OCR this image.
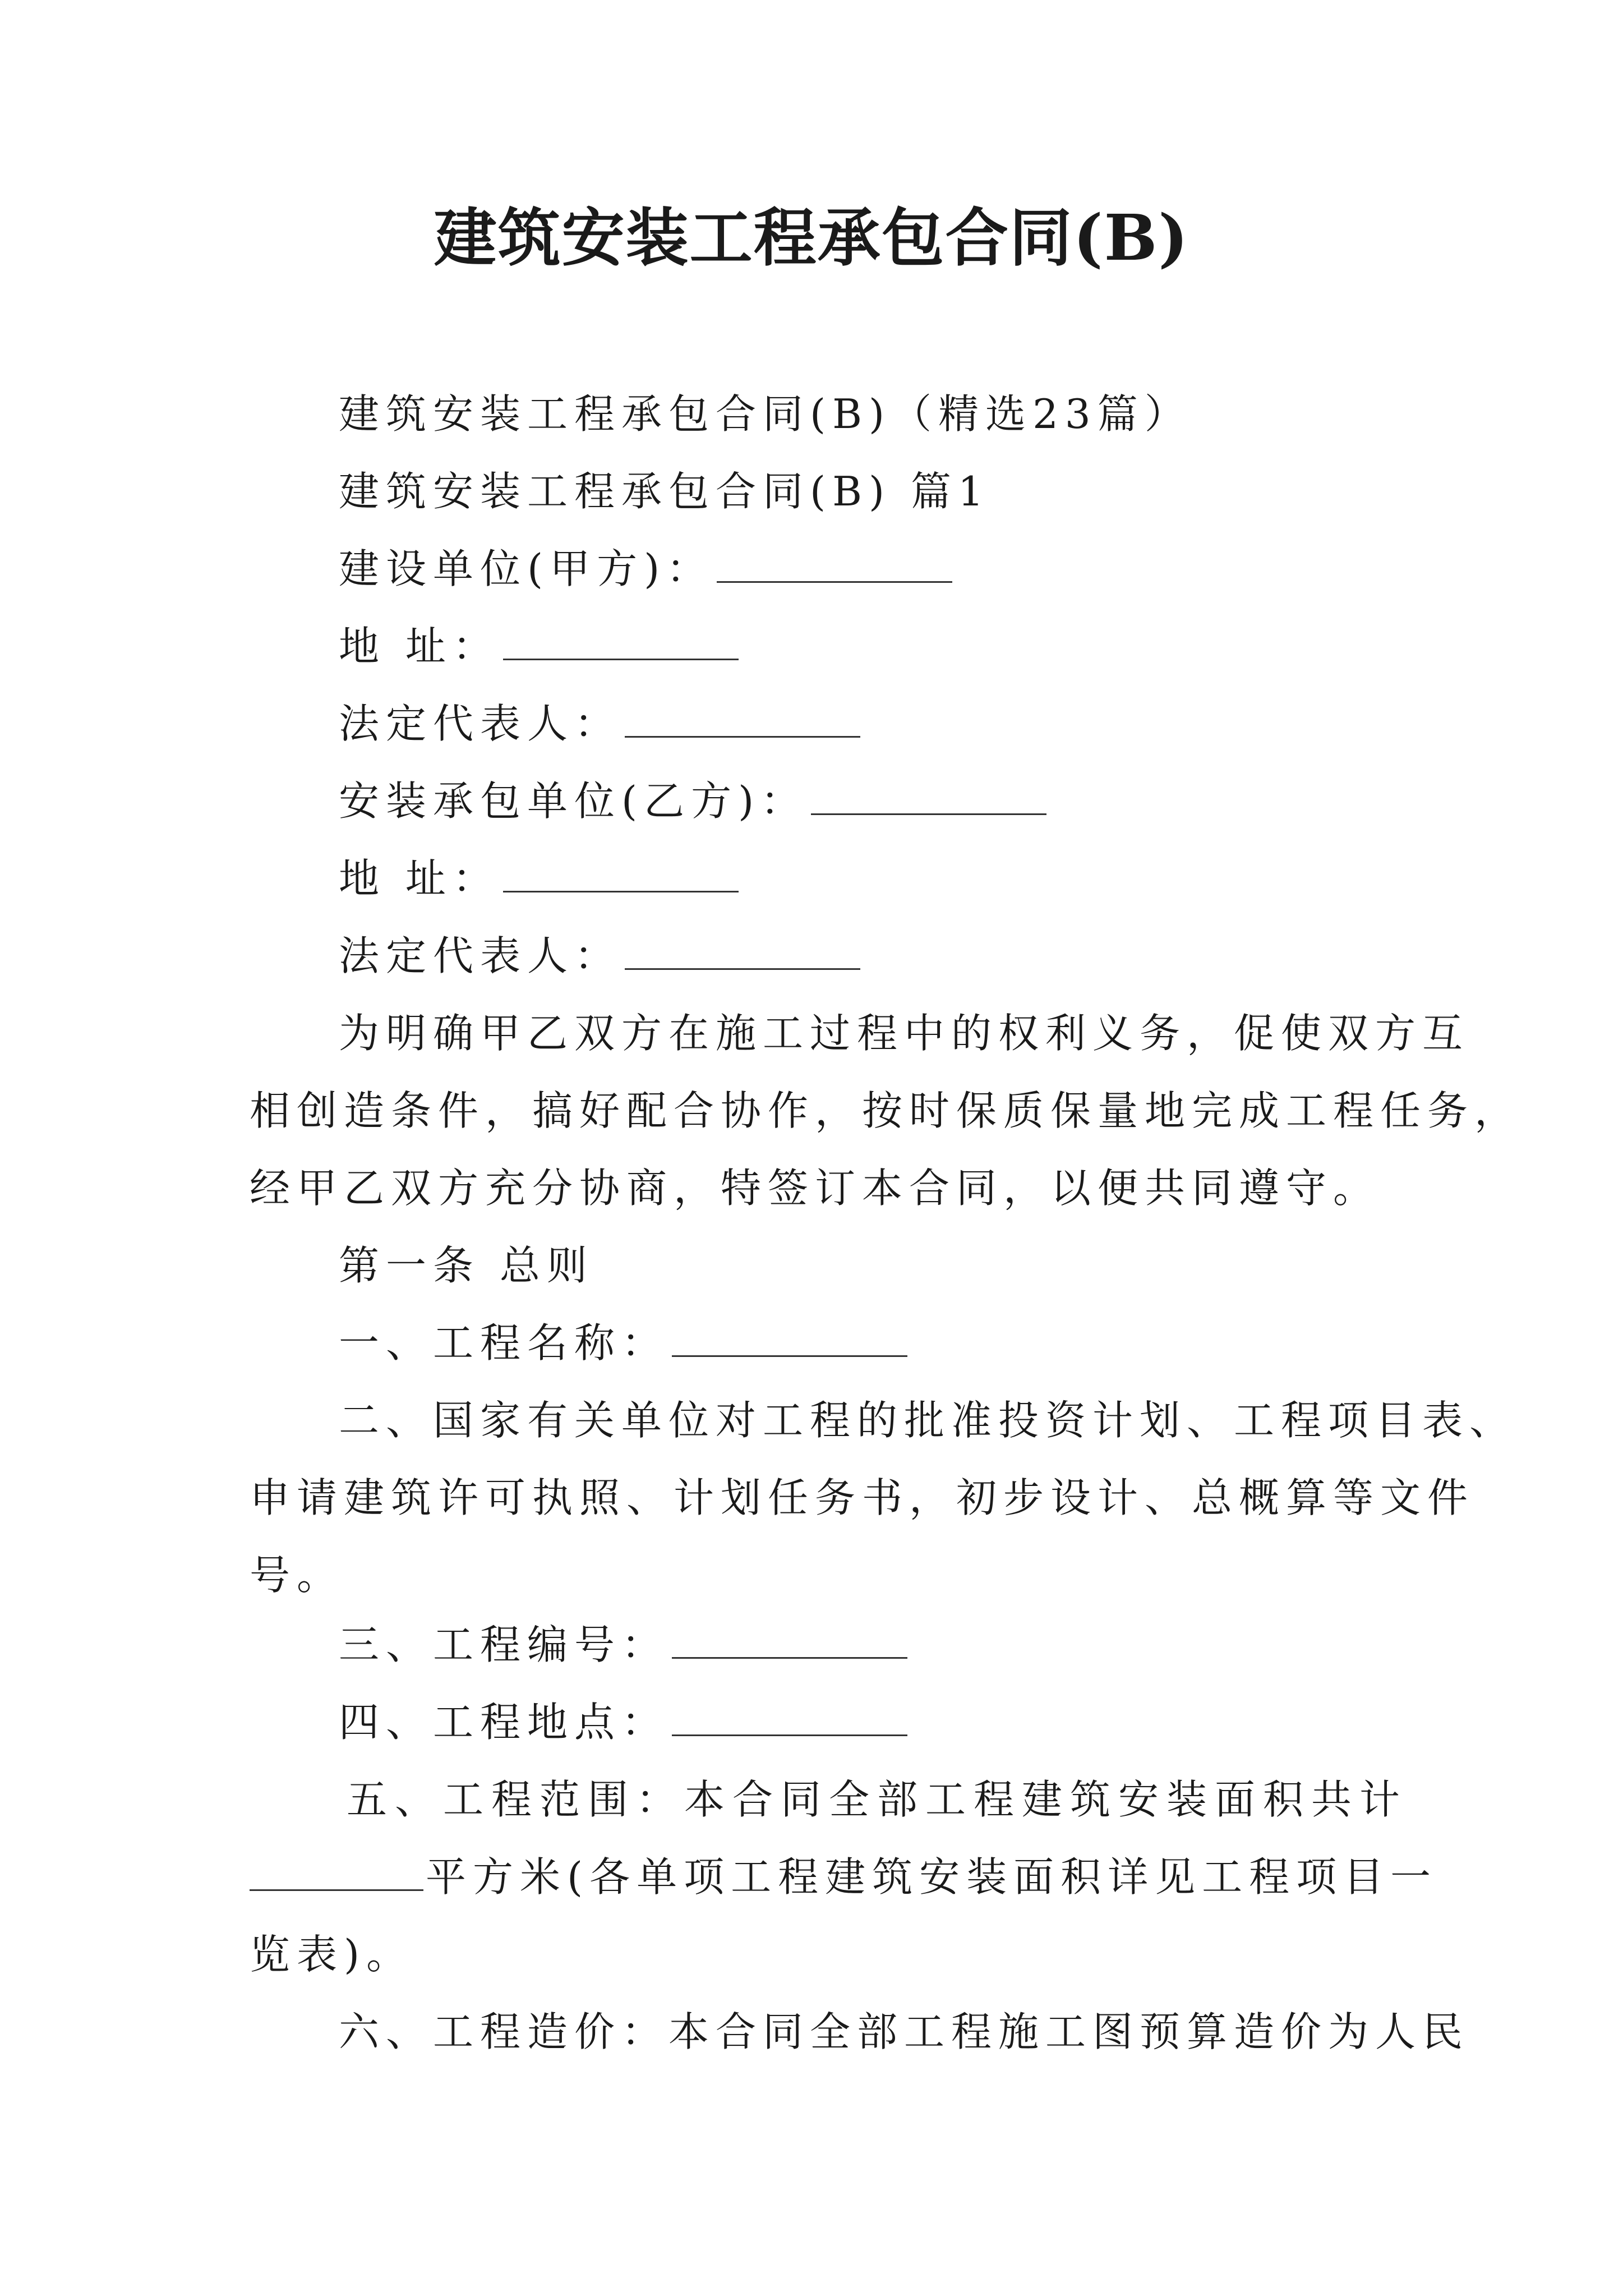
建筑安装工程承包合同(B)
建筑安装工程承包合同(B)（精选23篇）
建筑安装工程承包合同(B) 篇1
建设单位(甲方)：
地 址：
法定代表人：
安装承包单位(乙方)：
地 址：
法定代表人：
为明确甲乙双方在施工过程中的权利义务，促使双方互
相创造条件，搞好配合协作，按时保质保量地完成工程任务，
经甲乙双方充分协商，特签订本合同，以便共同遵守。
第一条 总则
一、工程名称：
二、国家有关单位对工程的批准投资计划、工程项目表、
申请建筑许可执照、计划任务书，初步设计、总概算等文件
号。
三、工程编号：
四、工程地点：
五、工程范围：本合同全部工程建筑安装面积共计
平方米(各单项工程建筑安装面积详见工程项目一
览表)。
六、工程造价：本合同全部工程施工图预算造价为人民
